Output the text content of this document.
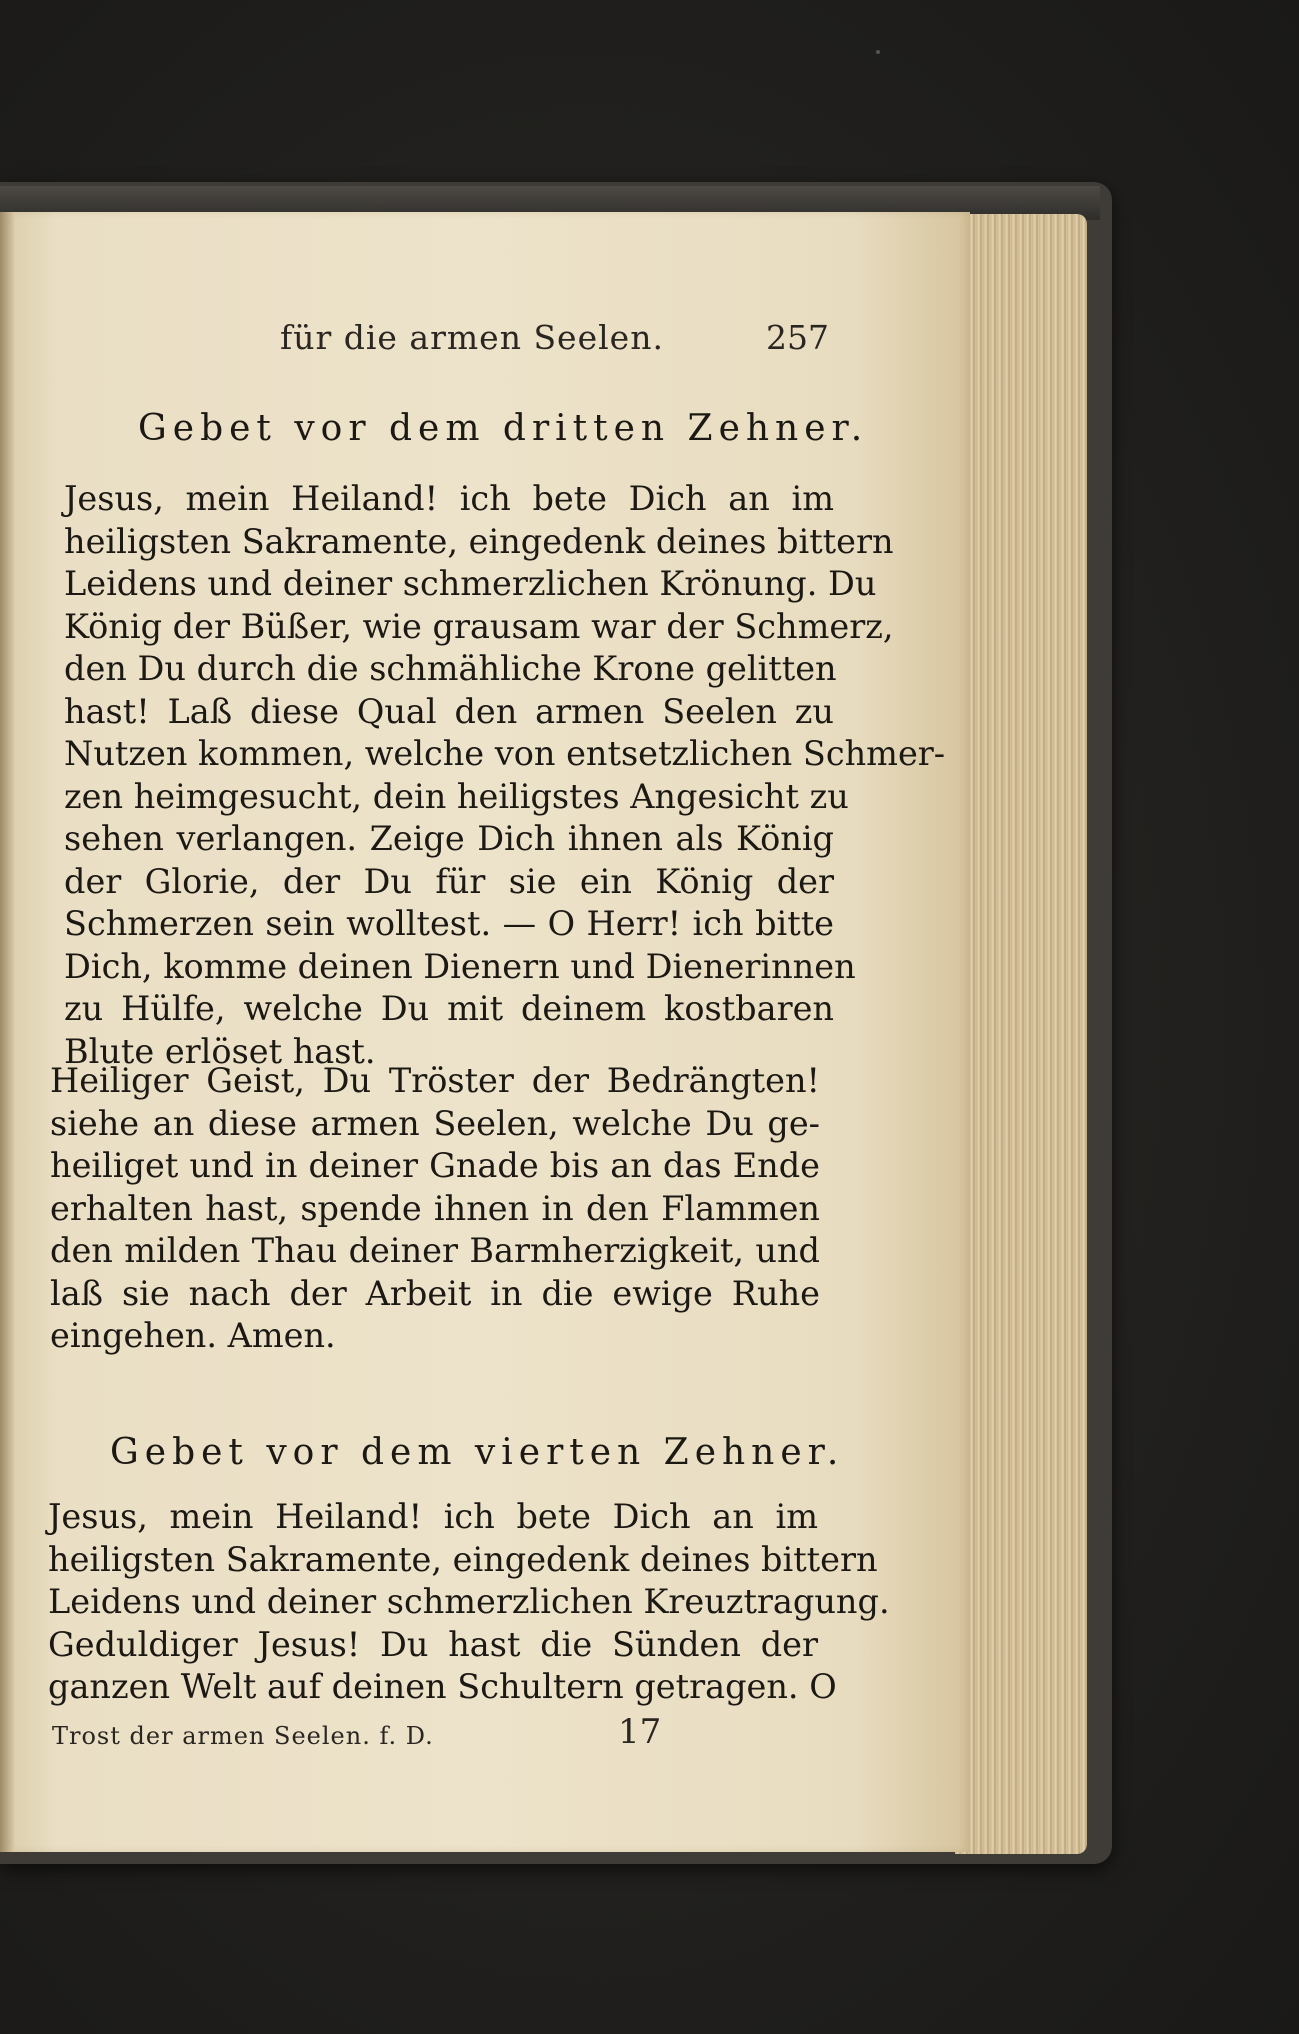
für die armen Seelen.	257
Gebet vor dem dritten Zehner.
Jesus, mein Heiland! ich bete Dich an im
heiligsten Sakramente, eingedenk deines bittern
Leidens und deiner schmerzlichen Krönung. Du
König der Büßer, wie grausam war der Schmerz,
den Du durch die schmähliche Krone gelitten
hast! Laß diese Qual den armen Seelen zu
Nutzen kommen, welche von entsetzlichen Schmer-
zen heimgesucht, dein heiligstes Angesicht zu
sehen verlangen. Zeige Dich ihnen als König
der Glorie, der Du für sie ein König der
Schmerzen sein wolltest. — O Herr! ich bitte
Dich, komme deinen Dienern und Dienerinnen
zu Hülfe, welche Du mit deinem kostbaren
Blute erlöset hast.
Heiliger Geist, Du Tröster der Bedrängten!
siehe an diese armen Seelen, welche Du ge-
heiliget und in deiner Gnade bis an das Ende
erhalten hast, spende ihnen in den Flammen
den milden Thau deiner Barmherzigkeit, und
laß sie nach der Arbeit in die ewige Ruhe
eingehen. Amen.
Gebet vor dem vierten Zehner.
Jesus, mein Heiland! ich bete Dich an im
heiligsten Sakramente, eingedenk deines bittern
Leidens und deiner schmerzlichen Kreuztragung.
Geduldiger Jesus! Du hast die Sünden der
ganzen Welt auf deinen Schultern getragen. O
Trost der armen Seelen. f. D.	17
